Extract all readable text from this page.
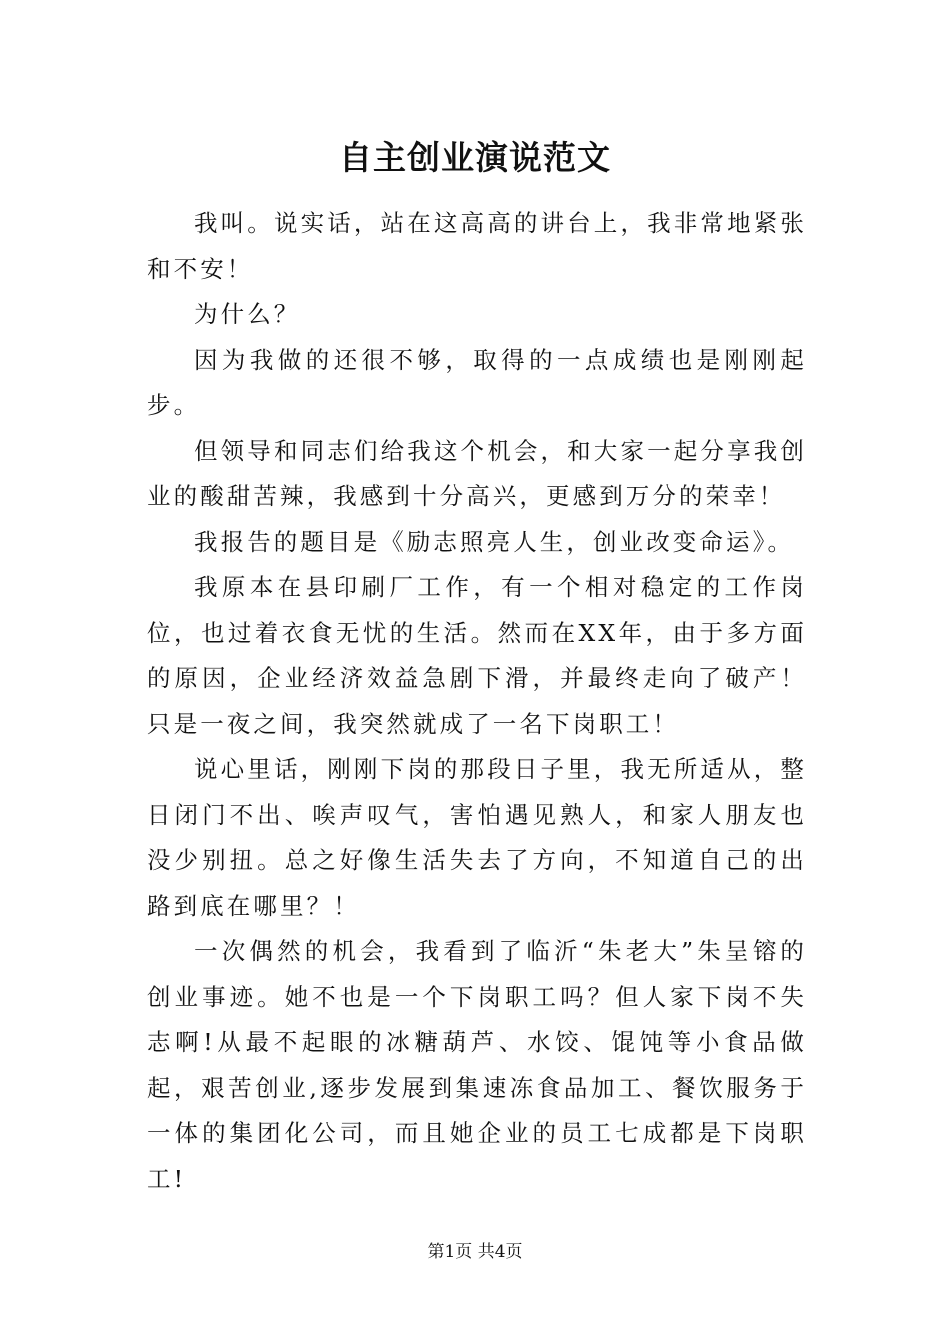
自主创业演说范文

我叫。说实话，站在这高高的讲台上，我非常地紧张和不安！

为什么？

因为我做的还很不够，取得的一点成绩也是刚刚起步。

但领导和同志们给我这个机会，和大家一起分享我创业的酸甜苦辣，我感到十分高兴，更感到万分的荣幸！

我报告的题目是《励志照亮人生，创业改变命运》。

我原本在县印刷厂工作，有一个相对稳定的工作岗位，也过着衣食无忧的生活。然而在XX年，由于多方面的原因，企业经济效益急剧下滑，并最终走向了破产！只是一夜之间，我突然就成了一名下岗职工！

说心里话，刚刚下岗的那段日子里，我无所适从，整日闭门不出、唉声叹气，害怕遇见熟人，和家人朋友也没少别扭。总之好像生活失去了方向，不知道自己的出路到底在哪里？！

一次偶然的机会，我看到了临沂“朱老大”朱呈镕的创业事迹。她不也是一个下岗职工吗？但人家下岗不失志啊!从最不起眼的冰糖葫芦、水饺、馄饨等小食品做起，艰苦创业,逐步发展到集速冻食品加工、餐饮服务于一体的集团化公司，而且她企业的员工七成都是下岗职工!

第1页 共4页
